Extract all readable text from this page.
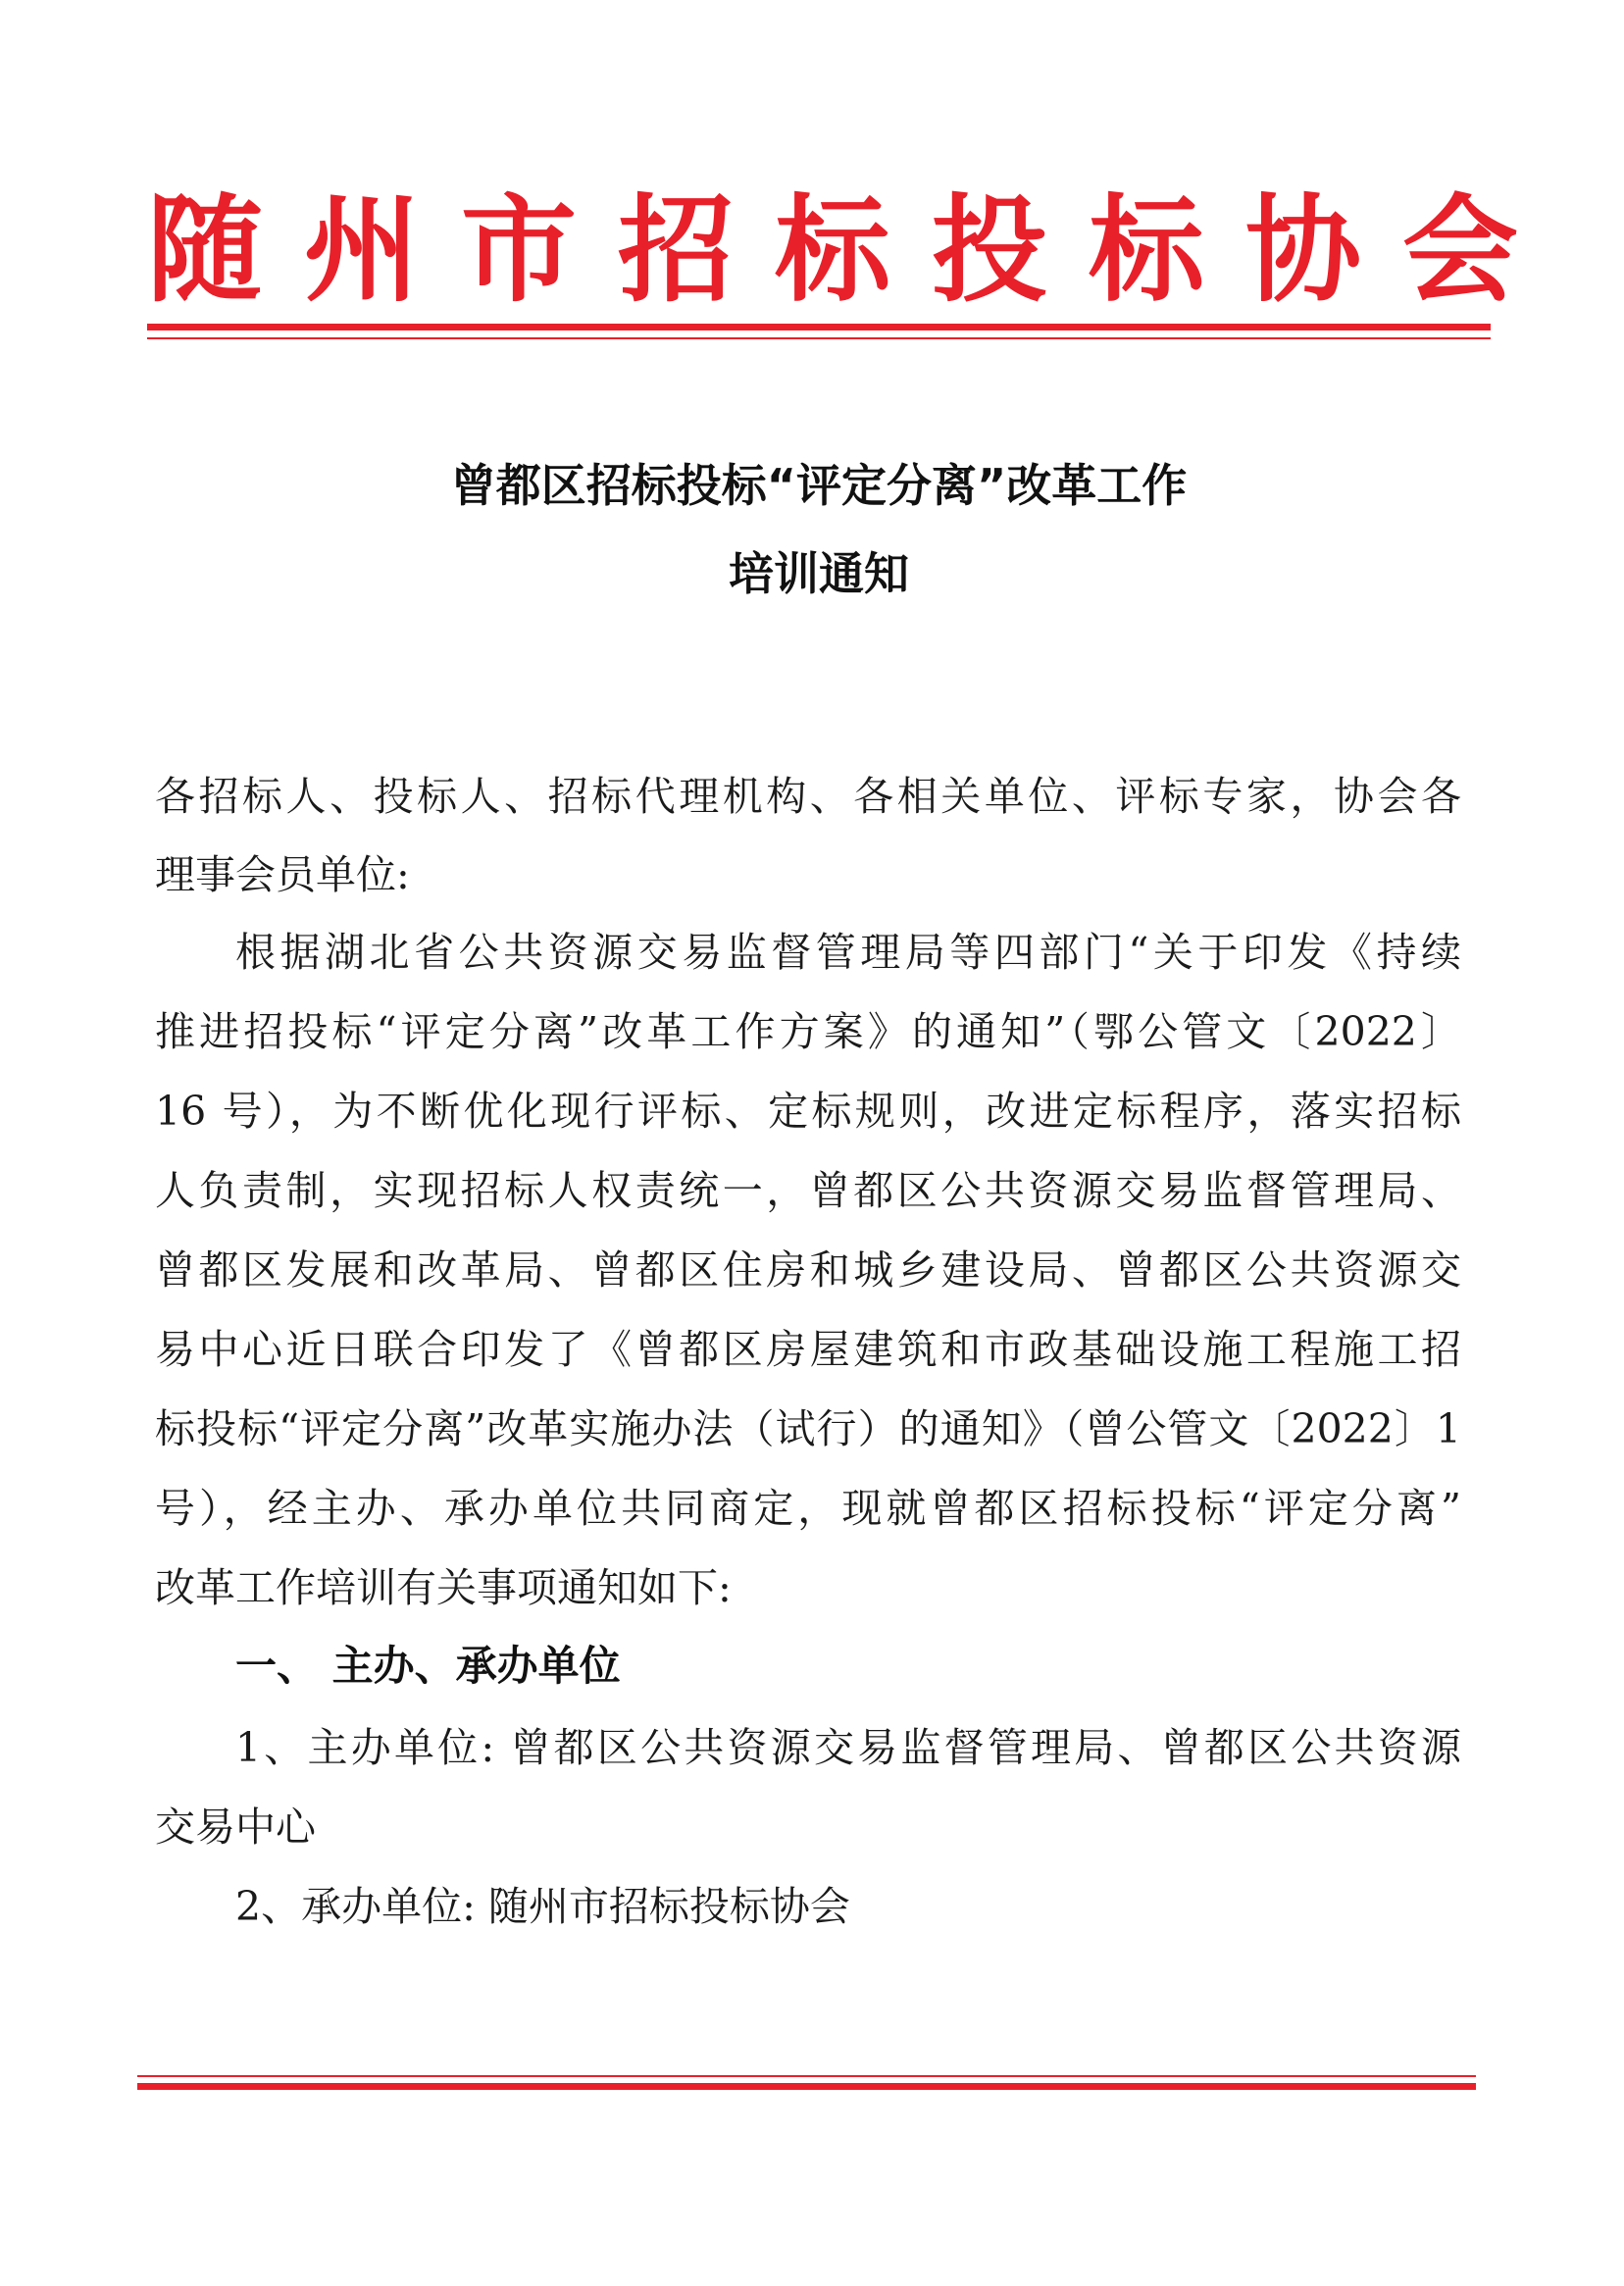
随州市招标投标协会
曾都区招标投标“评定分离”改革工作
培训通知
各招标人、投标人、招标代理机构、各相关单位、评标专家，协会各
理事会员单位:
根据湖北省公共资源交易监督管理局等四部门“关于印发《持续
推进招投标“评定分离”改革工作方案》的通知”（鄂公管文〔2022〕
16 号），为不断优化现行评标、定标规则，改进定标程序，落实招标
人负责制，实现招标人权责统一，曾都区公共资源交易监督管理局、
曾都区发展和改革局、曾都区住房和城乡建设局、曾都区公共资源交
易中心近日联合印发了《曾都区房屋建筑和市政基础设施工程施工招
标投标“评定分离”改革实施办法（试行）的通知》（曾公管文〔2022〕1
号），经主办、承办单位共同商定，现就曾都区招标投标“评定分离”
改革工作培训有关事项通知如下:
一、 主办、承办单位
1、主办单位: 曾都区公共资源交易监督管理局、曾都区公共资源
交易中心
2、承办单位: 随州市招标投标协会
